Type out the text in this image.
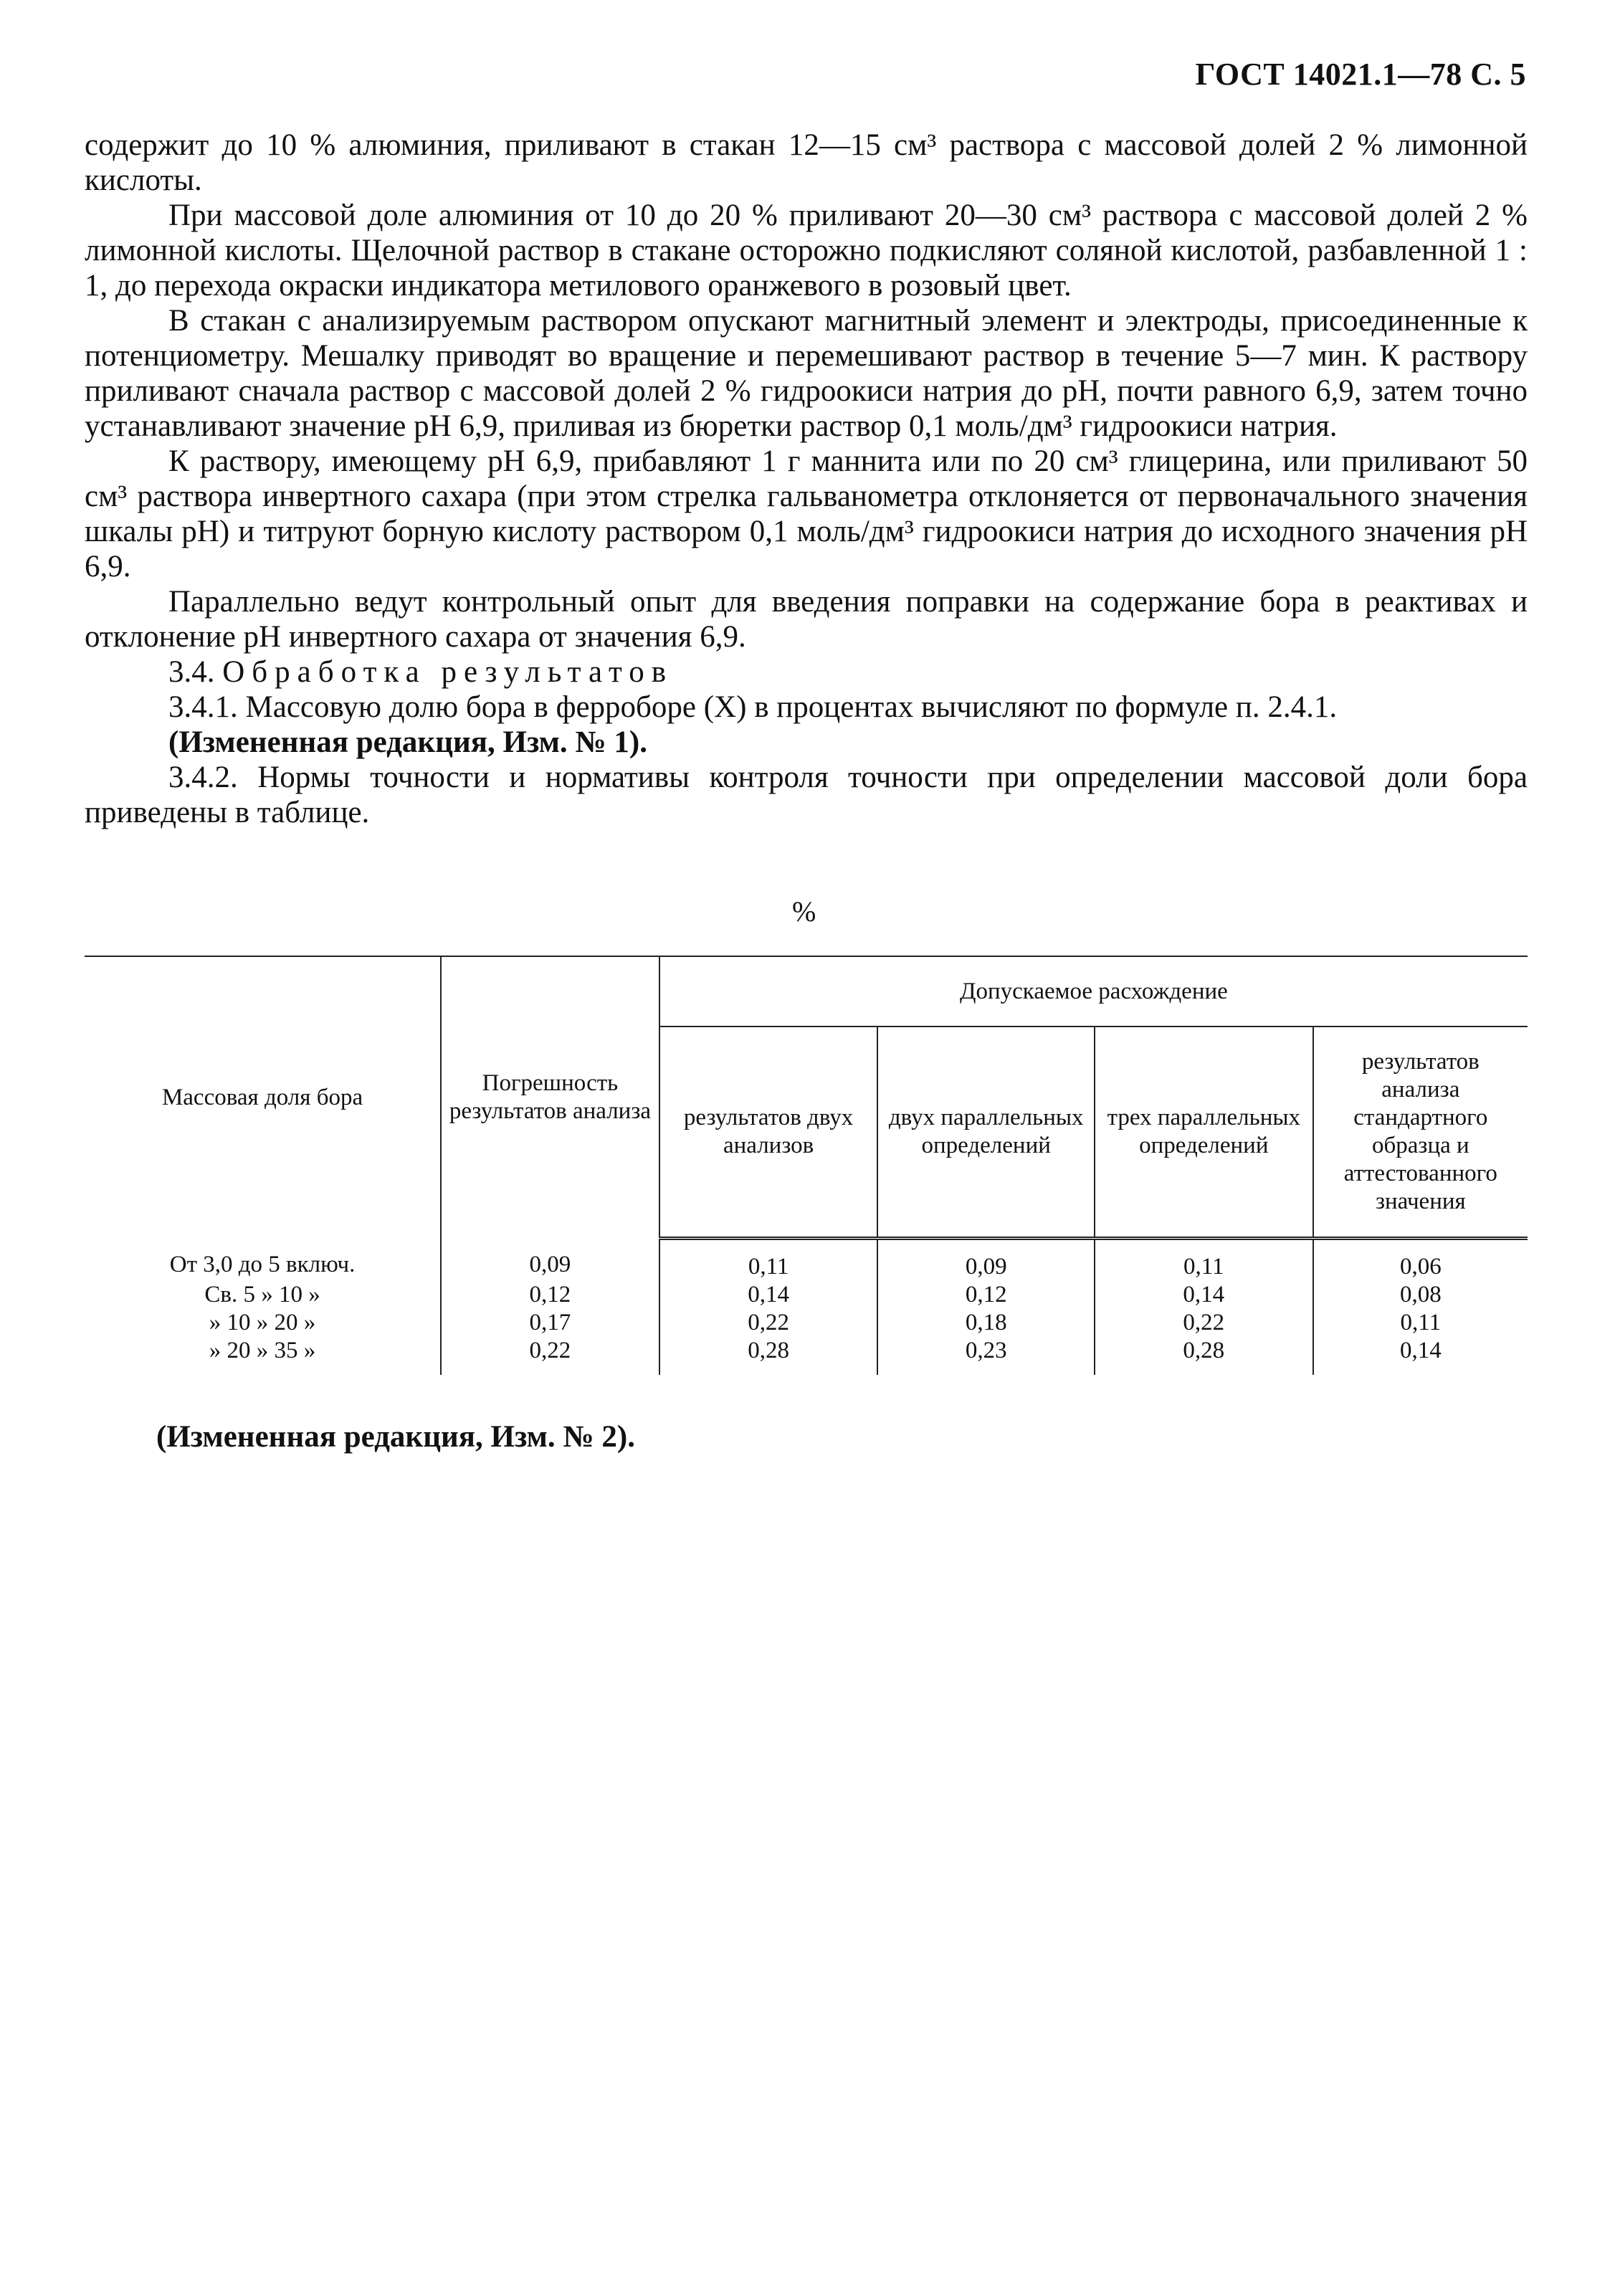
ГОСТ 14021.1—78 С. 5

содержит до 10 % алюминия, приливают в стакан 12—15 см³ раствора с массовой долей 2 % лимонной кислоты.

При массовой доле алюминия от 10 до 20 % приливают 20—30 см³ раствора с массовой долей 2 % лимонной кислоты. Щелочной раствор в стакане осторожно подкисляют соляной кислотой, разбавленной 1 : 1, до перехода окраски индикатора метилового оранжевого в розовый цвет.

В стакан с анализируемым раствором опускают магнитный элемент и электроды, присоединенные к потенциометру. Мешалку приводят во вращение и перемешивают раствор в течение 5—7 мин. К раствору приливают сначала раствор с массовой долей 2 % гидроокиси натрия до pH, почти равного 6,9, затем точно устанавливают значение pH 6,9, приливая из бюретки раствор 0,1 моль/дм³ гидроокиси натрия.

К раствору, имеющему pH 6,9, прибавляют 1 г маннита или по 20 см³ глицерина, или приливают 50 см³ раствора инвертного сахара (при этом стрелка гальванометра отклоняется от первоначального значения шкалы pH) и титруют борную кислоту раствором 0,1 моль/дм³ гидроокиси натрия до исходного значения pH 6,9.

Параллельно ведут контрольный опыт для введения поправки на содержание бора в реактивах и отклонение pH инвертного сахара от значения 6,9.

3.4. Обработка результатов

3.4.1. Массовую долю бора в ферроборе (X) в процентах вычисляют по формуле п. 2.4.1.

(Измененная редакция, Изм. № 1).

3.4.2. Нормы точности и нормативы контроля точности при определении массовой доли бора приведены в таблице.

%
Массовая доля бора	Погрешность результатов анализа	Допускаемое расхождение			
		результатов двух анализов	двух параллельных определений	трех параллельных определений	результатов анализа стандартного образца и аттестованного значения
От 3,0 до 5 включ.	0,09	0,11	0,09	0,11	0,06
Св. 5 » 10 »	0,12	0,14	0,12	0,14	0,08
» 10 » 20 »	0,17	0,22	0,18	0,22	0,11
» 20 » 35 »	0,22	0,28	0,23	0,28	0,14
(Измененная редакция, Изм. № 2).
